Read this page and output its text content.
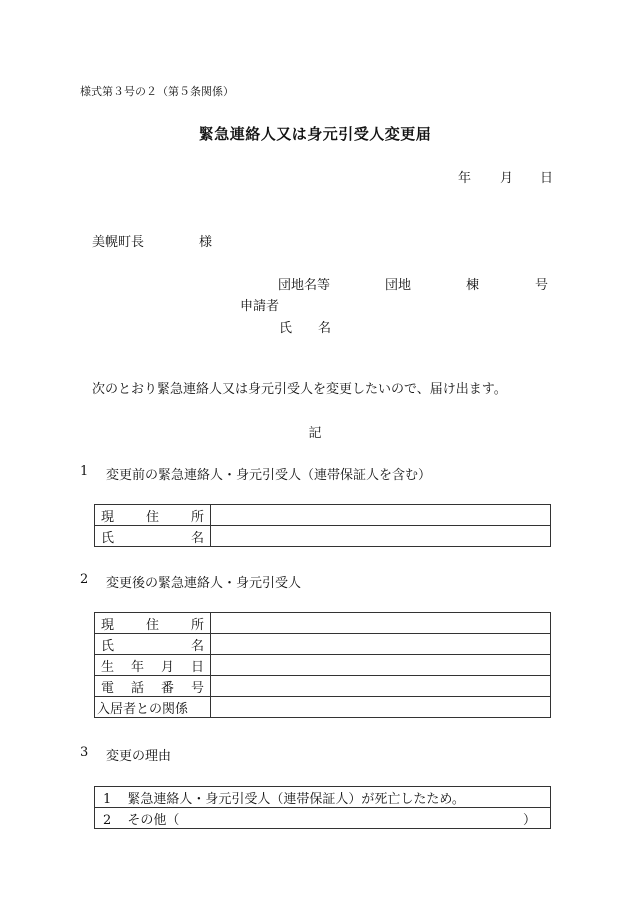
様式第３号の２（第５条関係）
緊急連絡人又は身元引受人変更届
年 月 日
美幌町長	様
団地名等	団地	棟	号
申請者
氏 名
次のとおり緊急連絡人又は身元引受人を変更したいので、届け出ます。
記
1 変更前の緊急連絡人・身元引受人（連帯保証人を含む）
現 住 所	

氏 名	

2 変更後の緊急連絡人・身元引受人
現 住 所	

氏 名	

生 年 月 日	

電 話 番 号	

入居者との関係	
3 変更の理由
1 緊急連絡人・身元引受人（連帯保証人）が死亡したため。

2 その他（	）
